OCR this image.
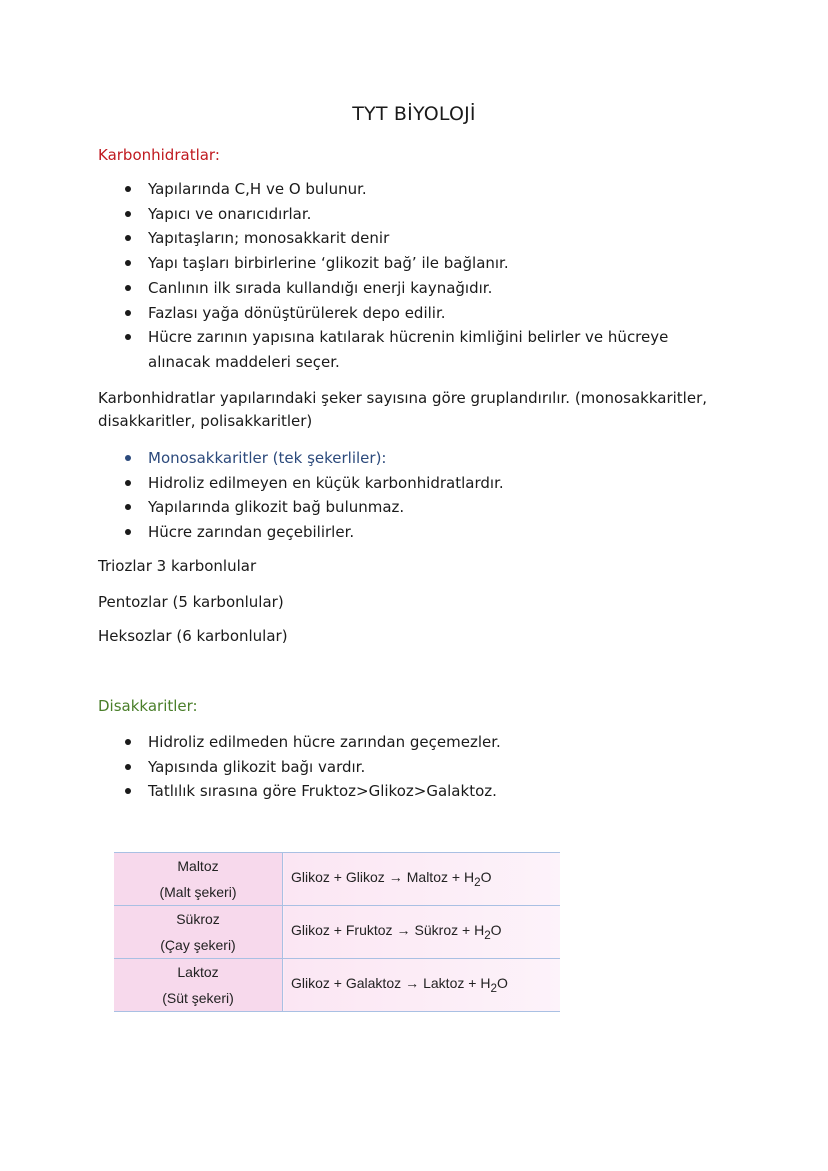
TYT BİYOLOJİ
Karbonhidratlar:
Yapılarında C,H ve O bulunur.
Yapıcı ve onarıcıdırlar.
Yapıtaşların; monosakkarit denir
Yapı taşları birbirlerine ‘glikozit bağ’ ile bağlanır.
Canlının ilk sırada kullandığı enerji kaynağıdır.
Fazlası yağa dönüştürülerek depo edilir.
Hücre zarının yapısına katılarak hücrenin kimliğini belirler ve hücreye alınacak maddeleri seçer.
Karbonhidratlar yapılarındaki şeker sayısına göre gruplandırılır. (monosakkaritler, disakkaritler, polisakkaritler)
Monosakkaritler (tek şekerliler):
Hidroliz edilmeyen en küçük karbonhidratlardır.
Yapılarında glikozit bağ bulunmaz.
Hücre zarından geçebilirler.
Triozlar 3 karbonlular
Pentozlar (5 karbonlular)
Heksozlar (6 karbonlular)
Disakkaritler:
Hidroliz edilmeden hücre zarından geçemezler.
Yapısında glikozit bağı vardır.
Tatlılık sırasına göre Fruktoz>Glikoz>Galaktoz.
Maltoz
(Malt şekeri)	Glikoz + Glikoz → Maltoz + $H_2O$

Sükroz
(Çay şekeri)	Glikoz + Fruktoz → Sükroz + $H_2O$

Laktoz
(Süt şekeri)	Glikoz + Galaktoz → Laktoz + $H_2O$
